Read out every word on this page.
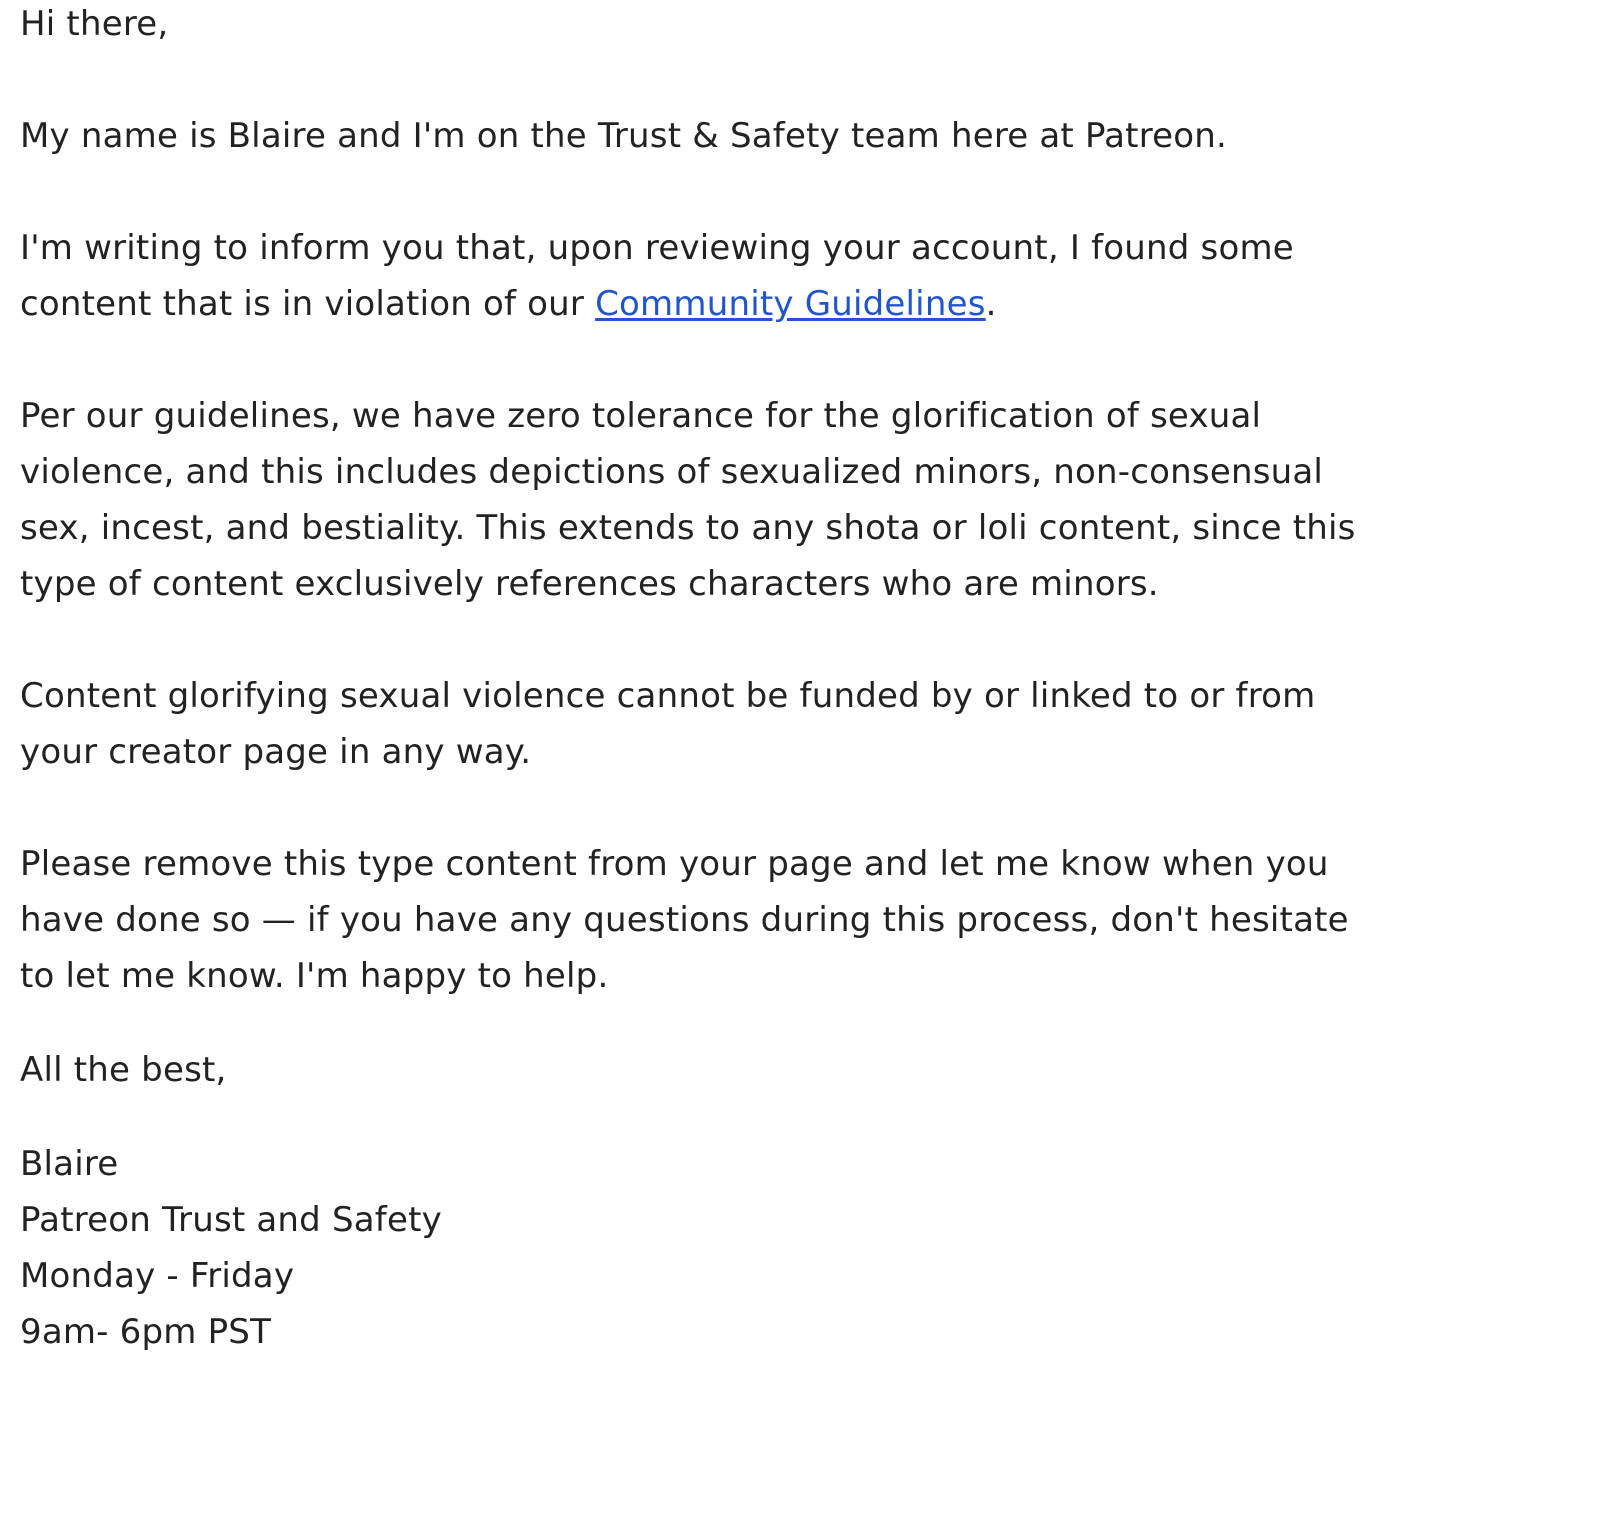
Hi there,

My name is Blaire and I'm on the Trust & Safety team here at Patreon.

I'm writing to inform you that, upon reviewing your account, I found some content that is in violation of our Community Guidelines.

Per our guidelines, we have zero tolerance for the glorification of sexual violence, and this includes depictions of sexualized minors, non-consensual sex, incest, and bestiality. This extends to any shota or loli content, since this type of content exclusively references characters who are minors.

Content glorifying sexual violence cannot be funded by or linked to or from your creator page in any way.

Please remove this type content from your page and let me know when you have done so — if you have any questions during this process, don't hesitate to let me know. I'm happy to help.

All the best,

Blaire
Patreon Trust and Safety
Monday - Friday
9am- 6pm PST
